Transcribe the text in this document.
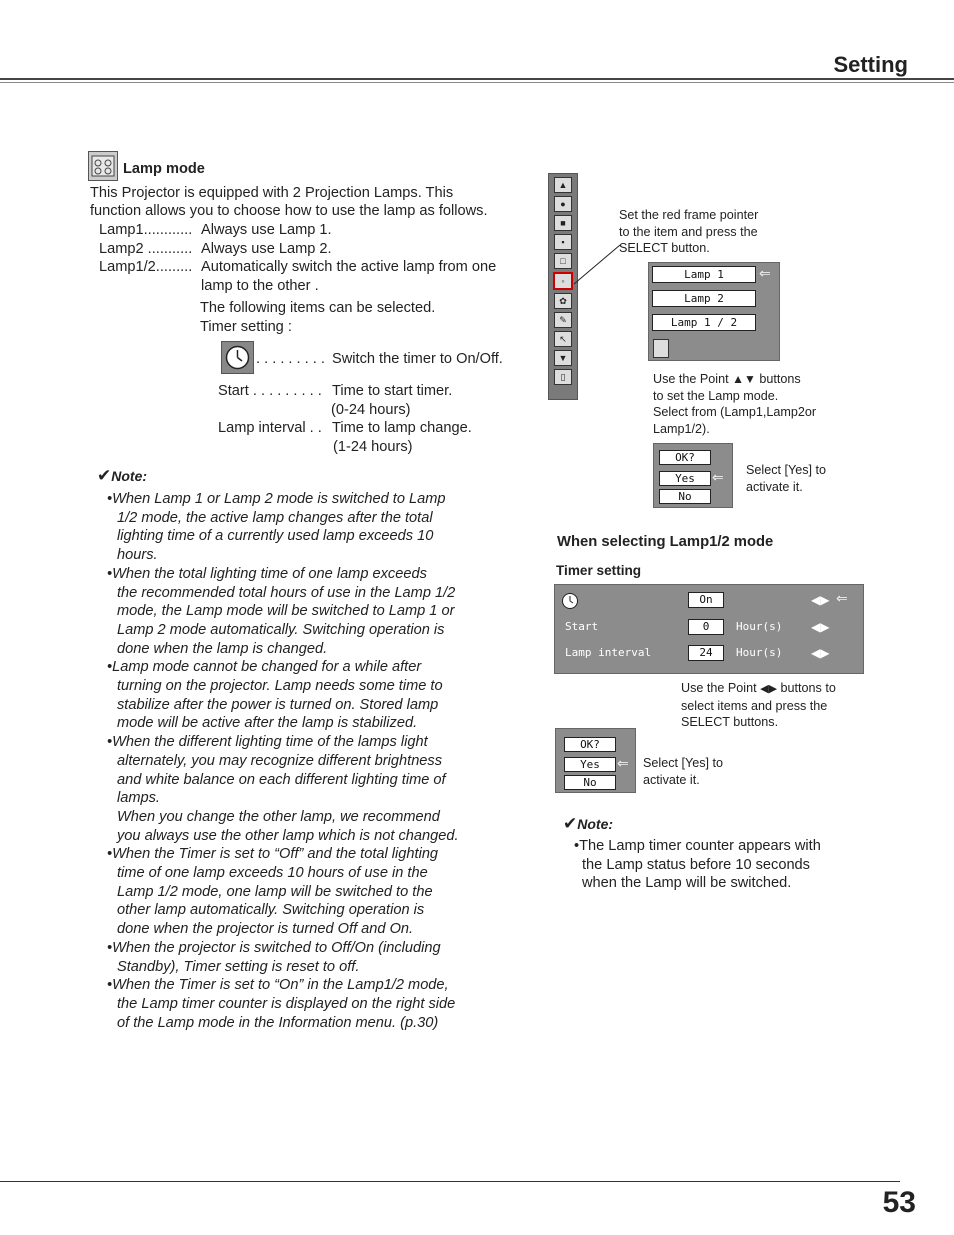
Setting
Lamp mode
This Projector is equipped with 2 Projection Lamps. This
function allows you to choose how to use the lamp as follows.
Lamp1............ Always use Lamp 1.
Lamp2 ........... Always use Lamp 2.
Lamp1/2......... Automatically switch the active lamp from one
lamp to the other .
The following items can be selected.
Timer setting :
. . . . . . . . . Switch the timer to On/Off.
Start . . . . . . . . . Time to start timer.
(0-24 hours)
Lamp interval . . Time to lamp change.
(1-24 hours)
✔Note:
•When Lamp 1 or Lamp 2 mode is switched to Lamp
1/2 mode, the active lamp changes after the total
lighting time of a currently used lamp exceeds 10
hours.
•When the total lighting time of one lamp exceeds
the recommended total hours of use in the Lamp 1/2
mode, the Lamp mode will be switched to Lamp 1 or
Lamp 2 mode automatically. Switching operation is
done when the lamp is changed.
•Lamp mode cannot be changed for a while after
turning on the projector. Lamp needs some time to
stabilize after the power is turned on. Stored lamp
mode will be active after the lamp is stabilized.
•When the different lighting time of the lamps light
alternately, you may recognize different brightness
and white balance on each different lighting time of
lamps.
When you change the other lamp, we recommend
you always use the other lamp which is not changed.
•When the Timer is set to “Off” and the total lighting
time of one lamp exceeds 10 hours of use in the
Lamp 1/2 mode, one lamp will be switched to the
other lamp automatically. Switching operation is
done when the projector is turned Off and On.
•When the projector is switched to Off/On (including
Standby), Timer setting is reset to off.
•When the Timer is set to “On” in the Lamp1/2 mode,
the Lamp timer counter is displayed on the right side
of the Lamp mode in the Information menu. (p.30)
▲
●
■
▪
□
◦
✿
✎
↖
▼
▯
Set the red frame pointer
to the item and press the
SELECT button.
Lamp 1	⇐
Lamp 2
Lamp 1 / 2
Use the Point ▲▼ buttons
to set the Lamp mode.
Select from (Lamp1,Lamp2or
Lamp1/2).
OK?
Yes	⇐
No
Select [Yes] to
activate it.
When selecting Lamp1/2 mode
Timer setting
On	◀▶ ⇐
Start	0	Hour(s) ◀▶
Lamp interval	24	Hour(s) ◀▶
Use the Point ◀▶ buttons to
select items and press the
SELECT buttons.
OK?
Yes	⇐
No
Select [Yes] to
activate it.
✔Note:
•The Lamp timer counter appears with
the Lamp status before 10 seconds
when the Lamp will be switched.
53
